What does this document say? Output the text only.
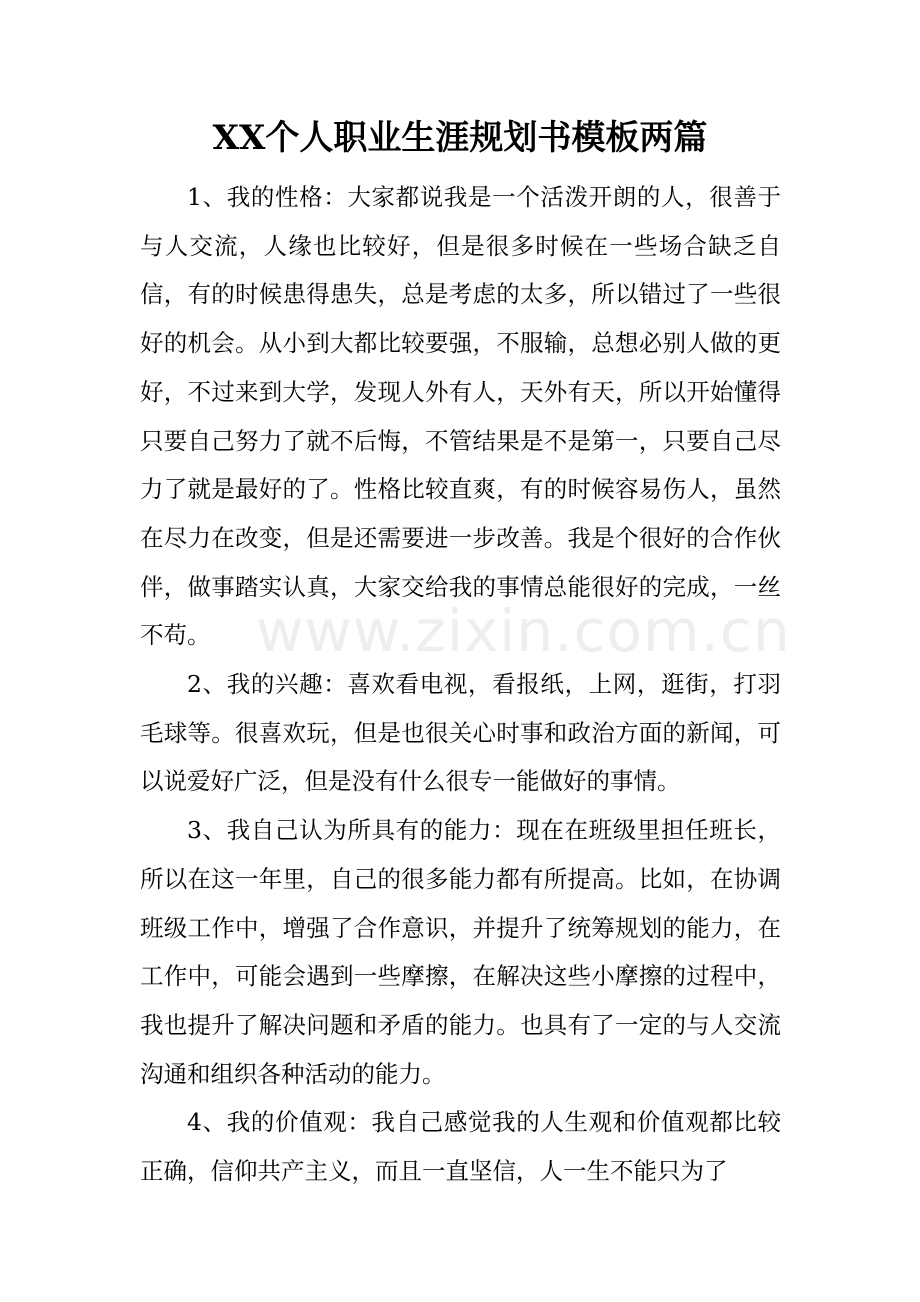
XX个人职业生涯规划书模板两篇

1、我的性格：大家都说我是一个活泼开朗的人，很善于与人交流，人缘也比较好，但是很多时候在一些场合缺乏自信，有的时候患得患失，总是考虑的太多，所以错过了一些很好的机会。从小到大都比较要强，不服输，总想必别人做的更好，不过来到大学，发现人外有人，天外有天，所以开始懂得只要自己努力了就不后悔，不管结果是不是第一，只要自己尽力了就是最好的了。性格比较直爽，有的时候容易伤人，虽然在尽力在改变，但是还需要进一步改善。我是个很好的合作伙伴，做事踏实认真，大家交给我的事情总能很好的完成，一丝不苟。

2、我的兴趣：喜欢看电视，看报纸，上网，逛街，打羽毛球等。很喜欢玩，但是也很关心时事和政治方面的新闻，可以说爱好广泛，但是没有什么很专一能做好的事情。

3、我自己认为所具有的能力：现在在班级里担任班长，所以在这一年里，自己的很多能力都有所提高。比如，在协调班级工作中，增强了合作意识，并提升了统筹规划的能力，在工作中，可能会遇到一些摩擦，在解决这些小摩擦的过程中，我也提升了解决问题和矛盾的能力。也具有了一定的与人交流沟通和组织各种活动的能力。

4、我的价值观：我自己感觉我的人生观和价值观都比较正确，信仰共产主义，而且一直坚信，人一生不能只为了

www.zixin.com.cn
